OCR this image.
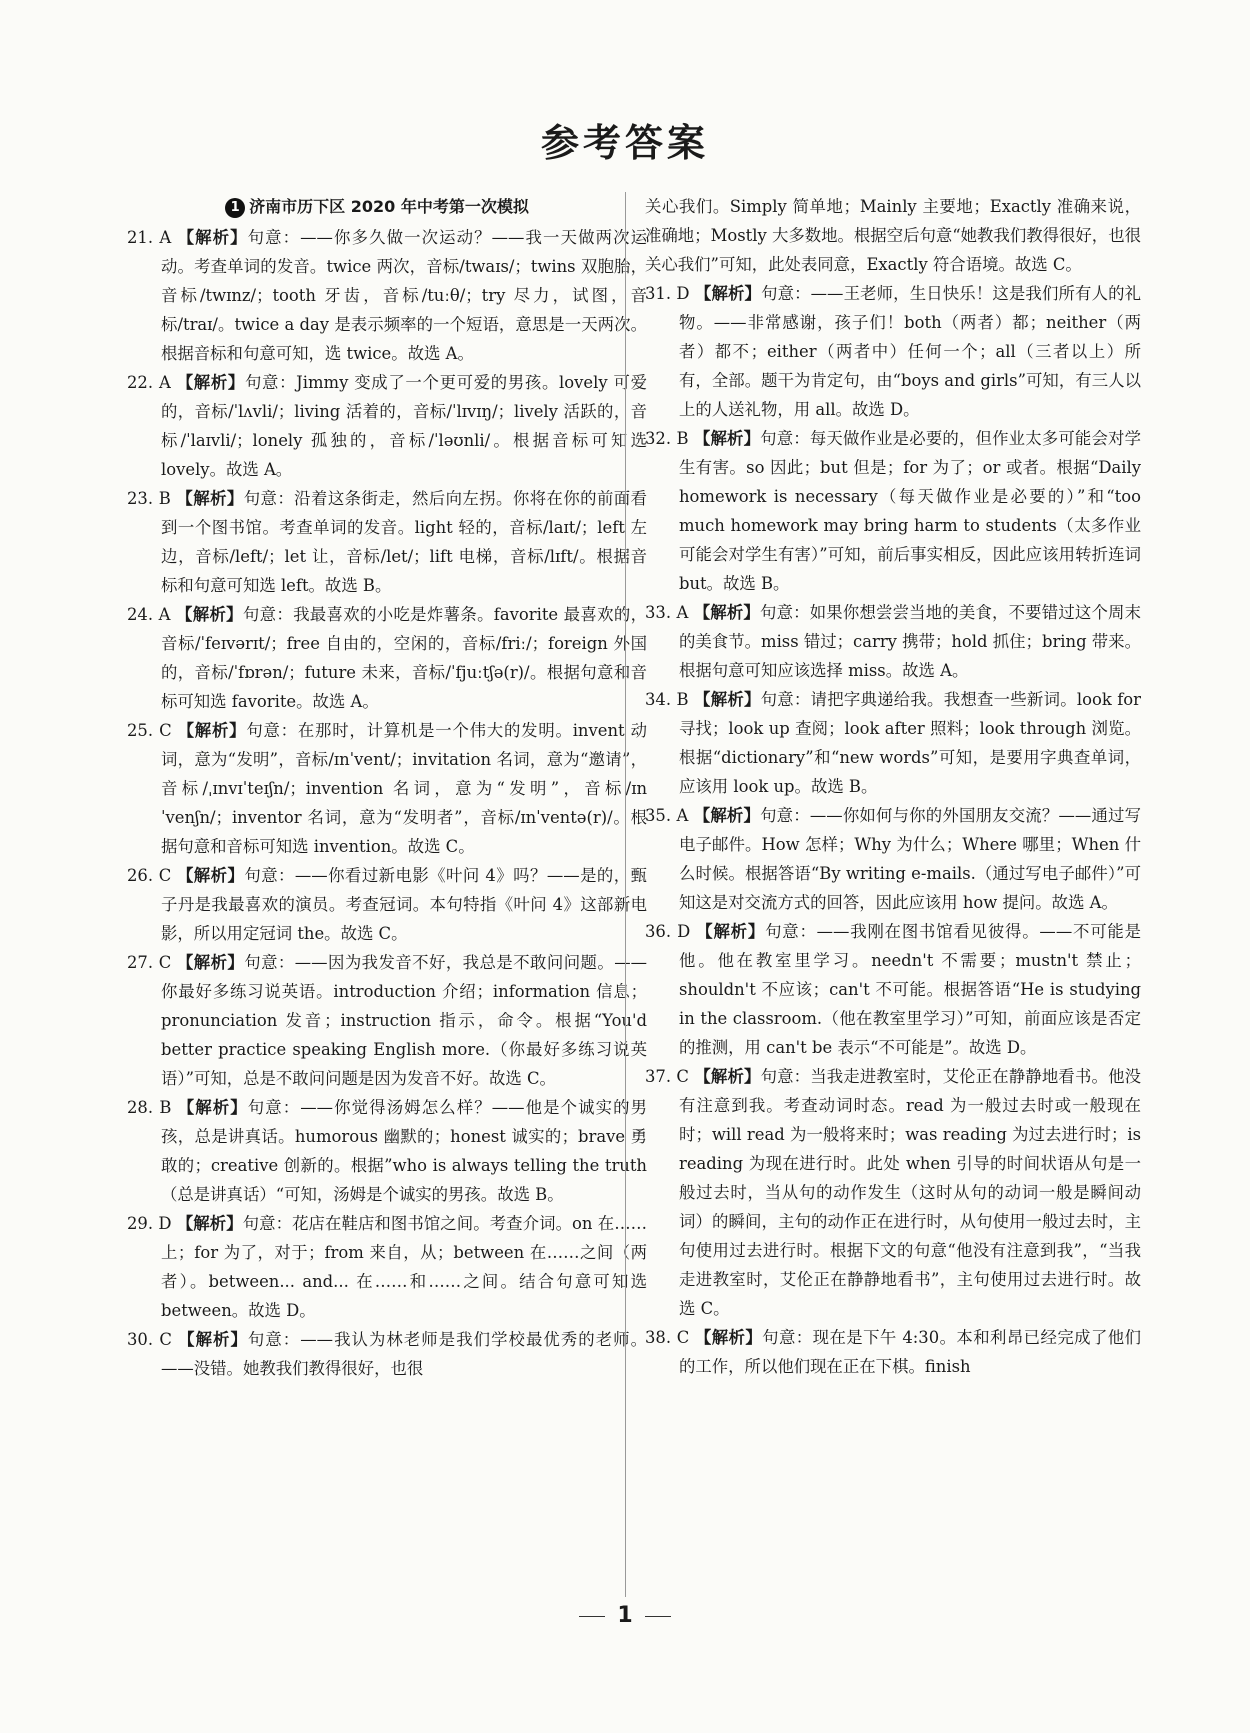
参考答案
1 济南市历下区 2020 年中考第一次模拟

21. A 【解析】句意：——你多久做一次运动？——我一天做两次运动。考查单词的发音。twice 两次，音标/twaɪs/；twins 双胞胎，音标/twɪnz/；tooth 牙齿，音标/tuːθ/；try 尽力，试图，音标/traɪ/。twice a day 是表示频率的一个短语，意思是一天两次。根据音标和句意可知，选 twice。故选 A。

22. A 【解析】句意：Jimmy 变成了一个更可爱的男孩。lovely 可爱的，音标/ˈlʌvli/；living 活着的，音标/ˈlɪvɪŋ/；lively 活跃的，音标/ˈlaɪvli/；lonely 孤独的，音标/ˈləʊnli/。根据音标可知选 lovely。故选 A。

23. B 【解析】句意：沿着这条街走，然后向左拐。你将在你的前面看到一个图书馆。考查单词的发音。light 轻的，音标/laɪt/；left 左边，音标/left/；let 让，音标/let/；lift 电梯，音标/lɪft/。根据音标和句意可知选 left。故选 B。

24. A 【解析】句意：我最喜欢的小吃是炸薯条。favorite 最喜欢的，音标/ˈfeɪvərɪt/；free 自由的，空闲的，音标/friː/；foreign 外国的，音标/ˈfɒrən/；future 未来，音标/ˈfjuːtʃə(r)/。根据句意和音标可知选 favorite。故选 A。

25. C 【解析】句意：在那时，计算机是一个伟大的发明。invent 动词，意为“发明”，音标/ɪnˈvent/；invitation 名词，意为“邀请”，音标/ˌɪnvɪˈteɪʃn/；invention 名词，意为“发明”，音标/ɪnˈvenʃn/；inventor 名词，意为“发明者”，音标/ɪnˈventə(r)/。根据句意和音标可知选 invention。故选 C。

26. C 【解析】句意：——你看过新电影《叶问 4》吗？——是的，甄子丹是我最喜欢的演员。考查冠词。本句特指《叶问 4》这部新电影，所以用定冠词 the。故选 C。

27. C 【解析】句意：——因为我发音不好，我总是不敢问问题。——你最好多练习说英语。introduction 介绍；information 信息；pronunciation 发音；instruction 指示，命令。根据“You'd better practice speaking English more.（你最好多练习说英语）”可知，总是不敢问问题是因为发音不好。故选 C。

28. B 【解析】句意：——你觉得汤姆怎么样？——他是个诚实的男孩，总是讲真话。humorous 幽默的；honest 诚实的；brave 勇敢的；creative 创新的。根据”who is always telling the truth（总是讲真话）“可知，汤姆是个诚实的男孩。故选 B。

29. D 【解析】句意：花店在鞋店和图书馆之间。考查介词。on 在……上；for 为了，对于；from 来自，从；between 在……之间（两者）。between... and... 在……和……之间。结合句意可知选 between。故选 D。

30. C 【解析】句意：——我认为林老师是我们学校最优秀的老师。——没错。她教我们教得很好，也很

关心我们。Simply 简单地；Mainly 主要地；Exactly 准确来说，准确地；Mostly 大多数地。根据空后句意“她教我们教得很好，也很关心我们”可知，此处表同意，Exactly 符合语境。故选 C。

31. D 【解析】句意：——王老师，生日快乐！这是我们所有人的礼物。——非常感谢，孩子们！both（两者）都；neither（两者）都不；either（两者中）任何一个；all（三者以上）所有，全部。题干为肯定句，由“boys and girls”可知，有三人以上的人送礼物，用 all。故选 D。

32. B 【解析】句意：每天做作业是必要的，但作业太多可能会对学生有害。so 因此；but 但是；for 为了；or 或者。根据“Daily homework is necessary（每天做作业是必要的）”和“too much homework may bring harm to students（太多作业可能会对学生有害）”可知，前后事实相反，因此应该用转折连词 but。故选 B。

33. A 【解析】句意：如果你想尝尝当地的美食，不要错过这个周末的美食节。miss 错过；carry 携带；hold 抓住；bring 带来。根据句意可知应该选择 miss。故选 A。

34. B 【解析】句意：请把字典递给我。我想查一些新词。look for 寻找；look up 查阅；look after 照料；look through 浏览。根据“dictionary”和“new words”可知，是要用字典查单词，应该用 look up。故选 B。

35. A 【解析】句意：——你如何与你的外国朋友交流？——通过写电子邮件。How 怎样；Why 为什么；Where 哪里；When 什么时候。根据答语“By writing e-mails.（通过写电子邮件）”可知这是对交流方式的回答，因此应该用 how 提问。故选 A。

36. D 【解析】句意：——我刚在图书馆看见彼得。——不可能是他。他在教室里学习。needn't 不需要；mustn't 禁止；shouldn't 不应该；can't 不可能。根据答语“He is studying in the classroom.（他在教室里学习）”可知，前面应该是否定的推测，用 can't be 表示“不可能是”。故选 D。

37. C 【解析】句意：当我走进教室时，艾伦正在静静地看书。他没有注意到我。考查动词时态。read 为一般过去时或一般现在时；will read 为一般将来时；was reading 为过去进行时；is reading 为现在进行时。此处 when 引导的时间状语从句是一般过去时，当从句的动作发生（这时从句的动词一般是瞬间动词）的瞬间，主句的动作正在进行时，从句使用一般过去时，主句使用过去进行时。根据下文的句意“他没有注意到我”，“当我走进教室时，艾伦正在静静地看书”，主句使用过去进行时。故选 C。

38. C 【解析】句意：现在是下午 4:30。本和利昂已经完成了他们的工作，所以他们现在正在下棋。finish

1
